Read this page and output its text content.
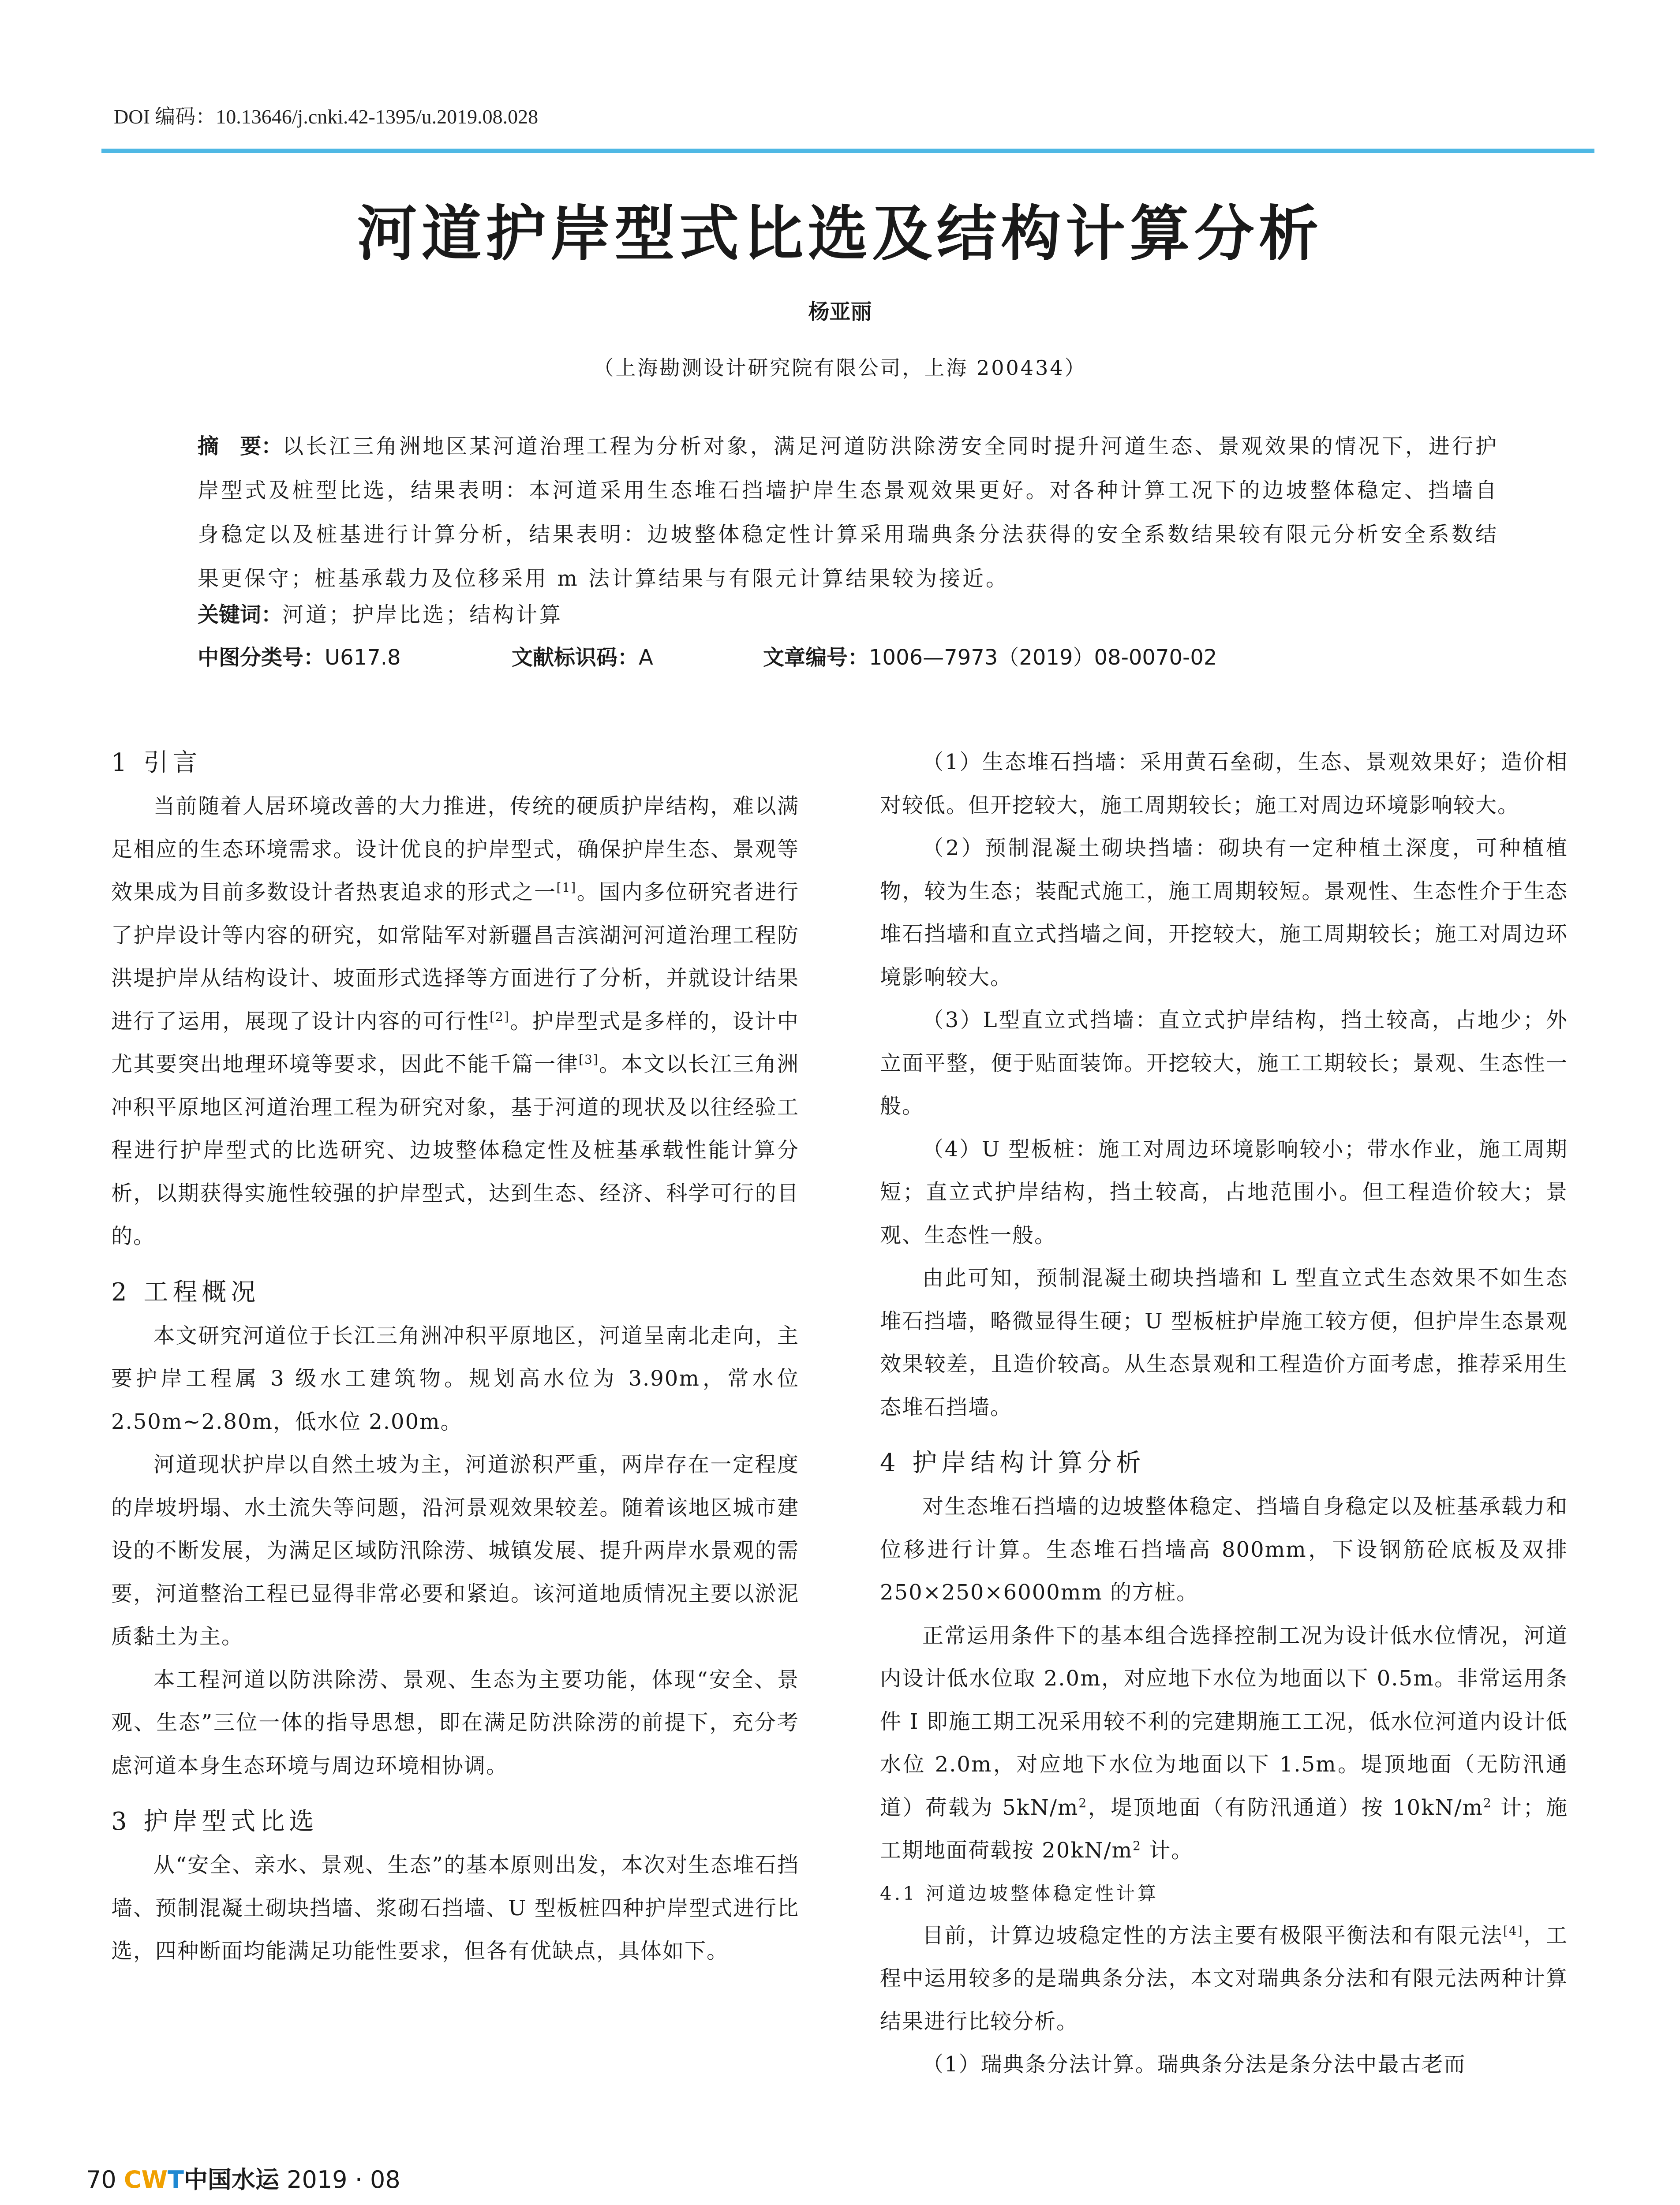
DOI 编码：10.13646/j.cnki.42-1395/u.2019.08.028
河道护岸型式比选及结构计算分析
杨亚丽
（上海勘测设计研究院有限公司，上海 200434）
摘　要：以长江三角洲地区某河道治理工程为分析对象，满足河道防洪除涝安全同时提升河道生态、景观效果的情况下，进行护岸型式及桩型比选，结果表明：本河道采用生态堆石挡墙护岸生态景观效果更好。对各种计算工况下的边坡整体稳定、挡墙自身稳定以及桩基进行计算分析，结果表明：边坡整体稳定性计算采用瑞典条分法获得的安全系数结果较有限元分析安全系数结果更保守；桩基承载力及位移采用 m 法计算结果与有限元计算结果较为接近。
关键词：河道；护岸比选；结构计算
中图分类号：U617.8	文献标识码：A	文章编号：1006—7973（2019）08-0070-02
1 引言

当前随着人居环境改善的大力推进，传统的硬质护岸结构，难以满足相应的生态环境需求。设计优良的护岸型式，确保护岸生态、景观等效果成为目前多数设计者热衷追求的形式之一[1]。国内多位研究者进行了护岸设计等内容的研究，如常陆军对新疆昌吉滨湖河河道治理工程防洪堤护岸从结构设计、坡面形式选择等方面进行了分析，并就设计结果进行了运用，展现了设计内容的可行性[2]。护岸型式是多样的，设计中尤其要突出地理环境等要求，因此不能千篇一律[3]。本文以长江三角洲冲积平原地区河道治理工程为研究对象，基于河道的现状及以往经验工程进行护岸型式的比选研究、边坡整体稳定性及桩基承载性能计算分析，以期获得实施性较强的护岸型式，达到生态、经济、科学可行的目的。

2 工程概况

本文研究河道位于长江三角洲冲积平原地区，河道呈南北走向，主要护岸工程属 3 级水工建筑物。规划高水位为 3.90m，常水位 2.50m~2.80m，低水位 2.00m。

河道现状护岸以自然土坡为主，河道淤积严重，两岸存在一定程度的岸坡坍塌、水土流失等问题，沿河景观效果较差。随着该地区城市建设的不断发展，为满足区域防汛除涝、城镇发展、提升两岸水景观的需要，河道整治工程已显得非常必要和紧迫。该河道地质情况主要以淤泥质黏土为主。

本工程河道以防洪除涝、景观、生态为主要功能，体现“安全、景观、生态”三位一体的指导思想，即在满足防洪除涝的前提下，充分考虑河道本身生态环境与周边环境相协调。

3 护岸型式比选

从“安全、亲水、景观、生态”的基本原则出发，本次对生态堆石挡墙、预制混凝土砌块挡墙、浆砌石挡墙、U 型板桩四种护岸型式进行比选，四种断面均能满足功能性要求，但各有优缺点，具体如下。

（1）生态堆石挡墙：采用黄石垒砌，生态、景观效果好；造价相对较低。但开挖较大，施工周期较长；施工对周边环境影响较大。

（2）预制混凝土砌块挡墙：砌块有一定种植土深度，可种植植物，较为生态；装配式施工，施工周期较短。景观性、生态性介于生态堆石挡墙和直立式挡墙之间，开挖较大，施工周期较长；施工对周边环境影响较大。

（3）L型直立式挡墙：直立式护岸结构，挡土较高，占地少；外立面平整，便于贴面装饰。开挖较大，施工工期较长；景观、生态性一般。

（4）U 型板桩：施工对周边环境影响较小；带水作业，施工周期短；直立式护岸结构，挡土较高，占地范围小。但工程造价较大；景观、生态性一般。

由此可知，预制混凝土砌块挡墙和 L 型直立式生态效果不如生态堆石挡墙，略微显得生硬；U 型板桩护岸施工较方便，但护岸生态景观效果较差，且造价较高。从生态景观和工程造价方面考虑，推荐采用生态堆石挡墙。

4 护岸结构计算分析

对生态堆石挡墙的边坡整体稳定、挡墙自身稳定以及桩基承载力和位移进行计算。生态堆石挡墙高 800mm，下设钢筋砼底板及双排 250×250×6000mm 的方桩。

正常运用条件下的基本组合选择控制工况为设计低水位情况，河道内设计低水位取 2.0m，对应地下水位为地面以下 0.5m。非常运用条件 I 即施工期工况采用较不利的完建期施工工况，低水位河道内设计低水位 2.0m，对应地下水位为地面以下 1.5m。堤顶地面（无防汛通道）荷载为 $5kN/m^2$，堤顶地面（有防汛通道）按 $10kN/m^2$ 计；施工期地面荷载按 $20kN/m^2$ 计。

4.1 河道边坡整体稳定性计算

目前，计算边坡稳定性的方法主要有极限平衡法和有限元法[4]，工程中运用较多的是瑞典条分法，本文对瑞典条分法和有限元法两种计算结果进行比较分析。

（1）瑞典条分法计算。瑞典条分法是条分法中最古老而

70 CWT中国水运 2019 · 08
